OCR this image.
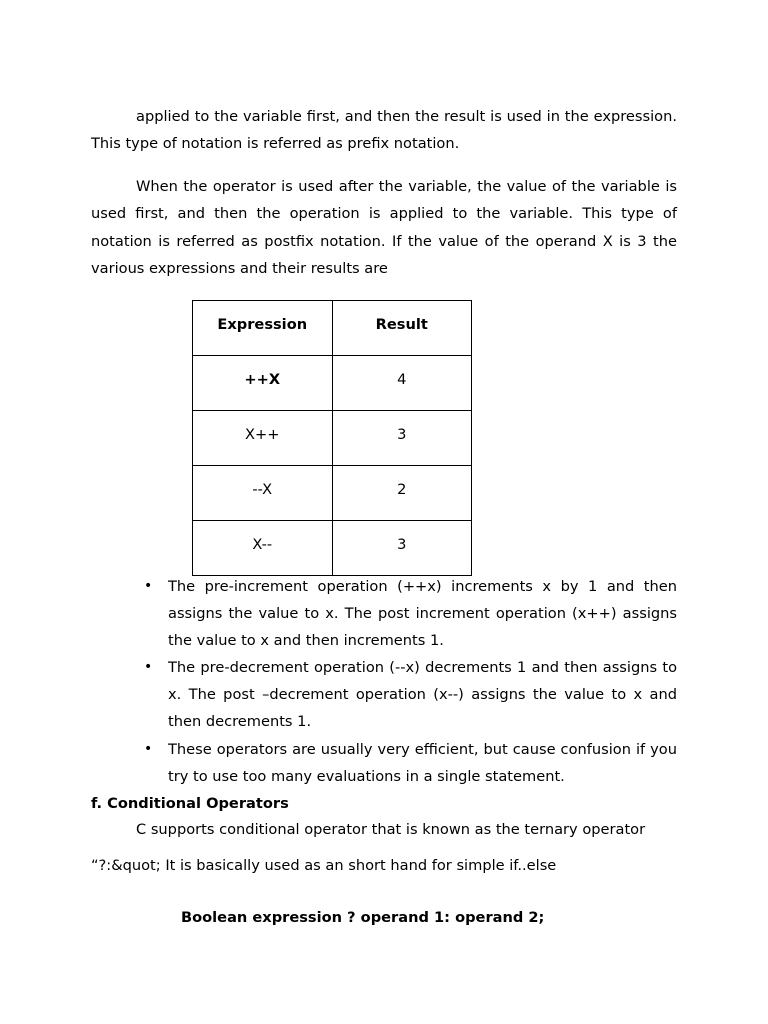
applied to the variable first, and then the result is used in the expression. This type of notation is referred as prefix notation.

When the operator is used after the variable, the value of the variable is used first, and then the operation is applied to the variable. This type of notation is referred as postfix notation. If the value of the operand X is 3 the various expressions and their results are

Expression	Result

++X	4

X++	3

--X	2

X--	3
• The pre-increment operation (++x) increments x by 1 and then assigns the value to x. The post increment operation (x++) assigns the value to x and then increments 1.
• The pre-decrement operation (--x) decrements 1 and then assigns to x. The post –decrement operation (x--) assigns the value to x and then decrements 1.
• These operators are usually very efficient, but cause confusion if you try to use too many evaluations in a single statement.

f. Conditional Operators

C supports conditional operator that is known as the ternary operator

“?:&quot; It is basically used as an short hand for simple if..else

Boolean expression ? operand 1: operand 2;
